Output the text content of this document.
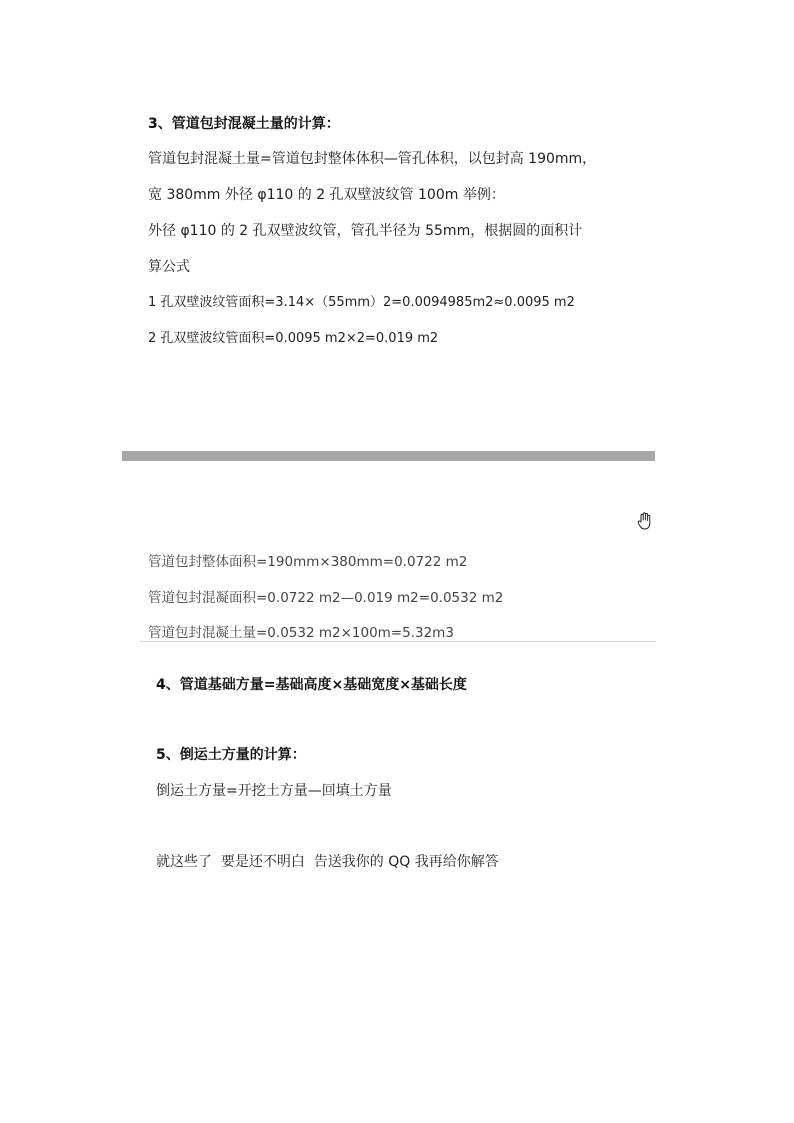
3、管道包封混凝土量的计算：
管道包封混凝土量=管道包封整体体积—管孔体积，以包封高 190mm，
宽 380mm 外径 φ110 的 2 孔双壁波纹管 100m 举例：
外径 φ110 的 2 孔双壁波纹管，管孔半径为 55mm，根据圆的面积计
算公式
1 孔双壁波纹管面积=3.14×（55mm）2=0.0094985m2≈0.0095 m2
2 孔双壁波纹管面积=0.0095 m2×2=0.019 m2
管道包封整体面积=190mm×380mm=0.0722 m2
管道包封混凝面积=0.0722 m2—0.019 m2=0.0532 m2
管道包封混凝土量=0.0532 m2×100m=5.32m3
4、管道基础方量=基础高度×基础宽度×基础长度
5、倒运土方量的计算：
倒运土方量=开挖土方量—回填土方量
就这些了  要是还不明白  告送我你的 QQ 我再给你解答
